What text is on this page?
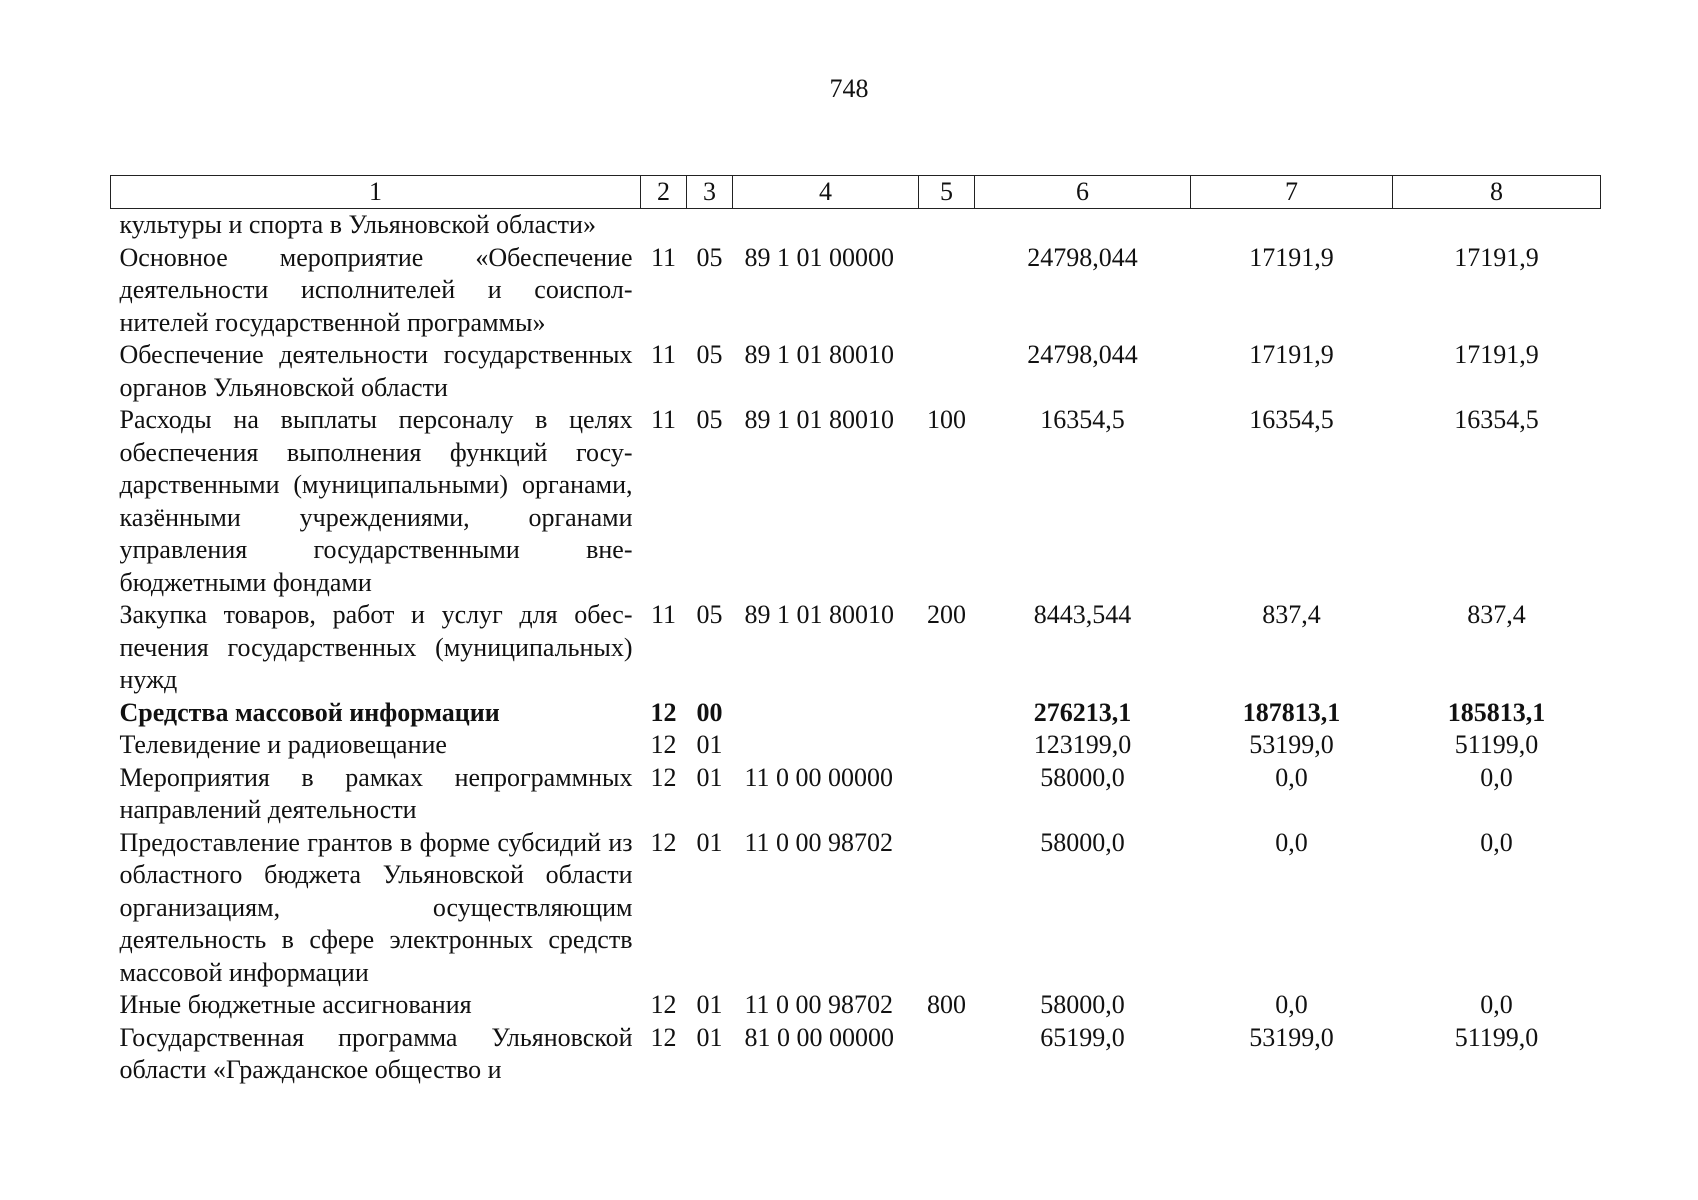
748
1	2	3	4	5	6	7	8
культуры и спорта в Ульяновской области»							
Основное мероприятие «Обеспечение деятельности исполнителей и соисполнителей государственной программы»	11	05	89 1 01 00000		24798,044	17191,9	17191,9
Обеспечение деятельности государственных органов Ульяновской области	11	05	89 1 01 80010		24798,044	17191,9	17191,9
Расходы на выплаты персоналу в целях обеспечения выполнения функций государственными (муниципальными) органами, казёнными учреждениями, органами управления государственными внебюджетными фондами	11	05	89 1 01 80010	100	16354,5	16354,5	16354,5
Закупка товаров, работ и услуг для обеспечения государственных (муниципальных) нужд	11	05	89 1 01 80010	200	8443,544	837,4	837,4
Средства массовой информации	12	00			276213,1	187813,1	185813,1
Телевидение и радиовещание	12	01			123199,0	53199,0	51199,0
Мероприятия в рамках непрограммных направлений деятельности	12	01	11 0 00 00000		58000,0	0,0	0,0
Предоставление грантов в форме субсидий из областного бюджета Ульяновской области организациям, осуществляющим деятельность в сфере электронных средств массовой информации	12	01	11 0 00 98702		58000,0	0,0	0,0
Иные бюджетные ассигнования	12	01	11 0 00 98702	800	58000,0	0,0	0,0
Государственная программа Ульяновской области «Гражданское общество и	12	01	81 0 00 00000		65199,0	53199,0	51199,0
